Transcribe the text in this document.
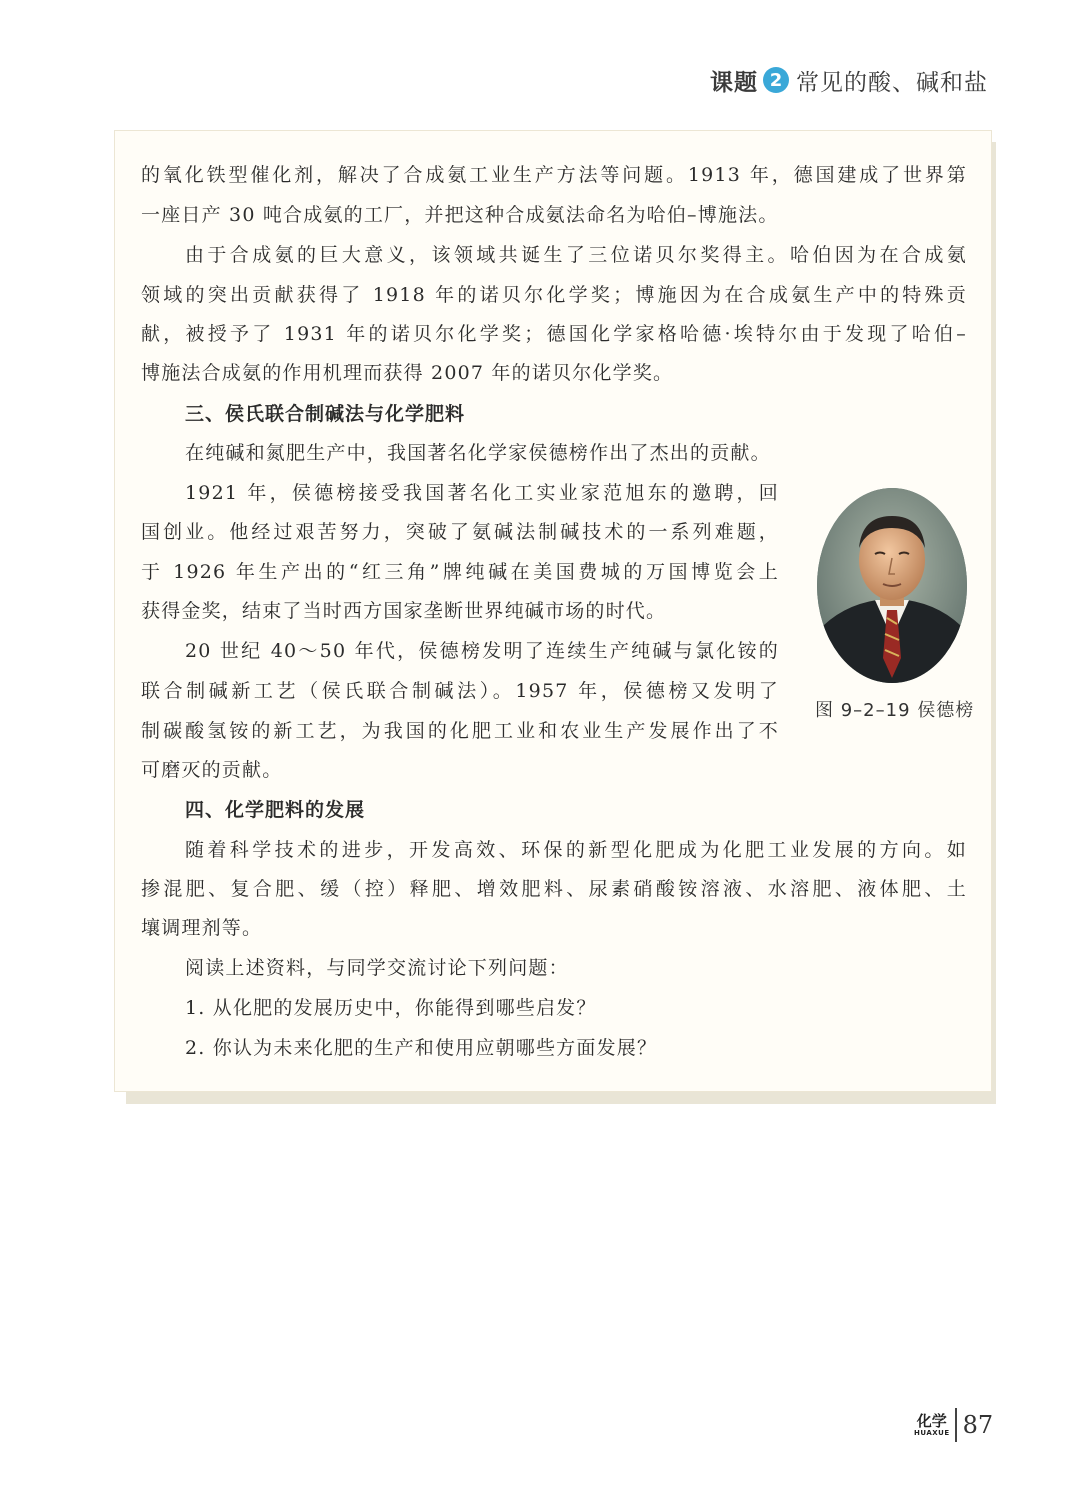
课题 2 常见的酸、碱和盐
的氧化铁型催化剂，解决了合成氨工业生产方法等问题。1913 年，德国建成了世界第
一座日产 30 吨合成氨的工厂，并把这种合成氨法命名为哈伯–博施法。
由于合成氨的巨大意义，该领域共诞生了三位诺贝尔奖得主。哈伯因为在合成氨
领域的突出贡献获得了 1918 年的诺贝尔化学奖；博施因为在合成氨生产中的特殊贡
献，被授予了 1931 年的诺贝尔化学奖；德国化学家格哈德·埃特尔由于发现了哈伯–
博施法合成氨的作用机理而获得 2007 年的诺贝尔化学奖。
三、侯氏联合制碱法与化学肥料
在纯碱和氮肥生产中，我国著名化学家侯德榜作出了杰出的贡献。
1921 年，侯德榜接受我国著名化工实业家范旭东的邀聘，回
国创业。他经过艰苦努力，突破了氨碱法制碱技术的一系列难题，
于 1926 年生产出的“红三角”牌纯碱在美国费城的万国博览会上
获得金奖，结束了当时西方国家垄断世界纯碱市场的时代。
20 世纪 40～50 年代，侯德榜发明了连续生产纯碱与氯化铵的
联合制碱新工艺（侯氏联合制碱法）。1957 年，侯德榜又发明了
制碳酸氢铵的新工艺，为我国的化肥工业和农业生产发展作出了不
可磨灭的贡献。
四、化学肥料的发展
随着科学技术的进步，开发高效、环保的新型化肥成为化肥工业发展的方向。如
掺混肥、复合肥、缓（控）释肥、增效肥料、尿素硝酸铵溶液、水溶肥、液体肥、土
壤调理剂等。
阅读上述资料，与同学交流讨论下列问题：
1. 从化肥的发展历史中，你能得到哪些启发？
2. 你认为未来化肥的生产和使用应朝哪些方面发展？
图 9–2–19 侯德榜
化学
HUAXUE 87
